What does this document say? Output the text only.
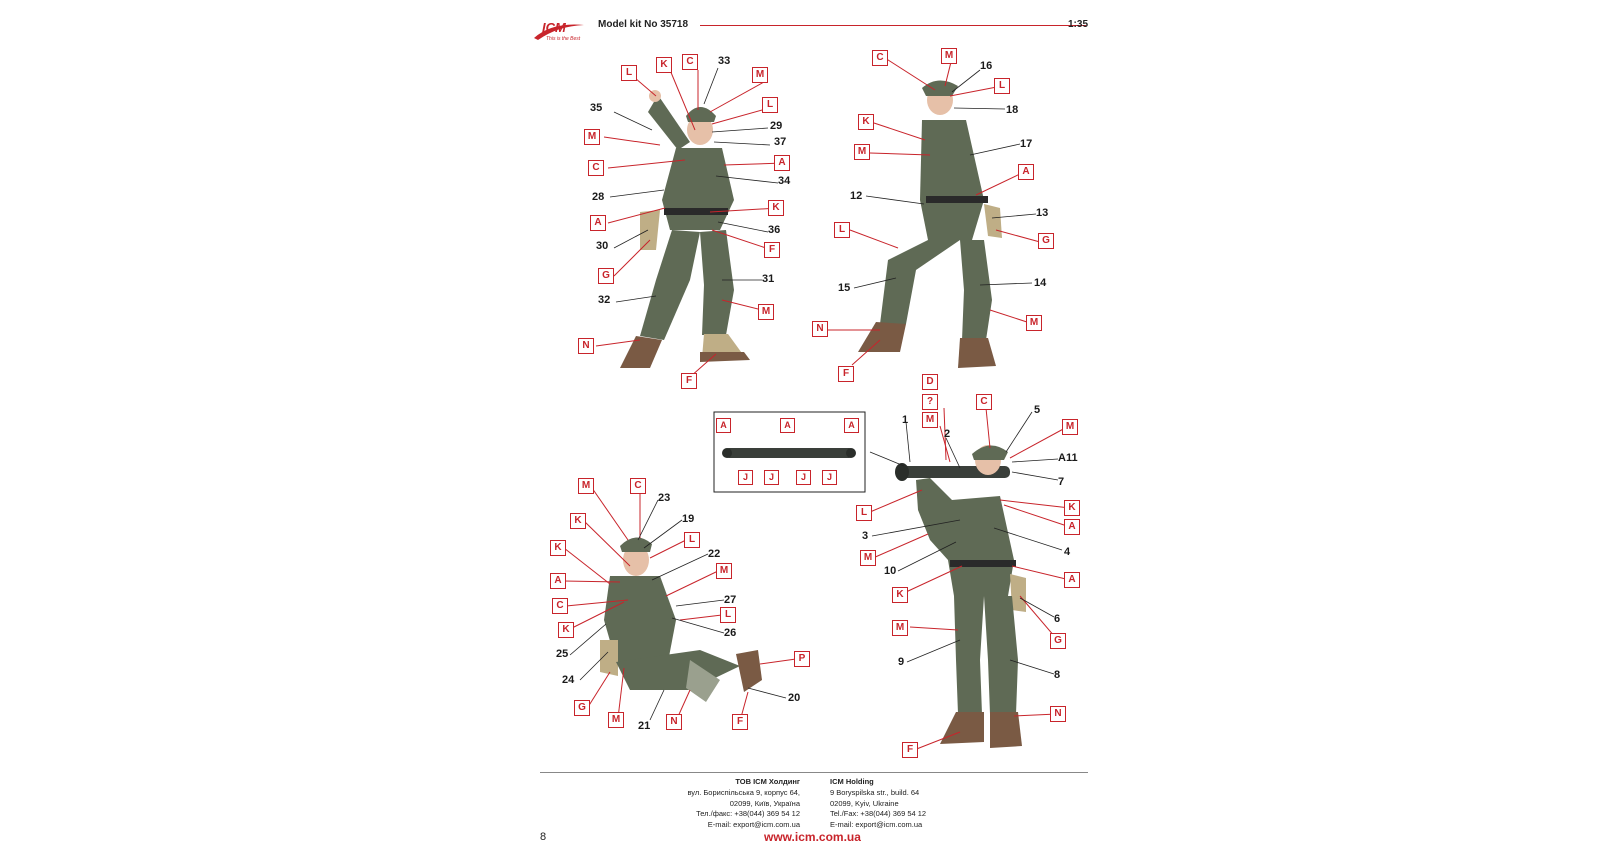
ICM
This is the Best
Model kit No 35718	1:35
33
35
29
37
34
28
36
30
31
32
L
K	C
M
L
M
C	A
K
A
F
G
M
N
F
16
18
17
12
13
14
15
C	M
L
K
M
A
L
G
M
N
F
A	A	A
J	J	J	J
23
19
22
27
26
25
24
21
20
M	C
K
L
K
M
A
C
L
K
P
G
M	N	F
1
2
5
A11
7
3
4
10
6
9
8
D
?
M
C
M
L	K
A
M
K
A
M
G
N
F
ТОВ ICM Холдинг
вул. Бориспільська 9, корпус 64,
02099, Київ, Україна
Тел./факс: +38(044) 369 54 12
E-mail: export@icm.com.ua
ICM Holding
9 Boryspilska str., build. 64
02099, Kyiv, Ukraine
Tel./Fax: +38(044) 369 54 12
E-mail: export@icm.com.ua
8	www.icm.com.ua
